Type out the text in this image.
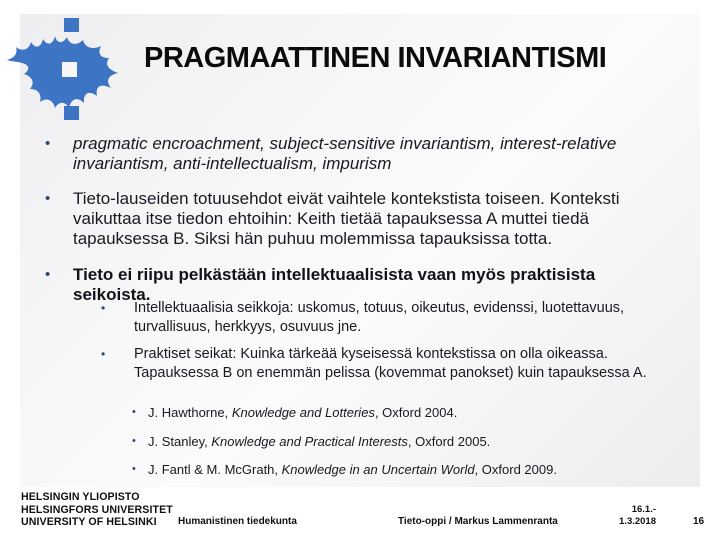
PRAGMAATTINEN INVARIANTISMI
•	pragmatic encroachment, subject-sensitive invariantism, interest-relative invariantism, anti-intellectualism, impurism
•	Tieto-lauseiden totuusehdot eivät vaihtele kontekstista toiseen. Konteksti vaikuttaa itse tiedon ehtoihin: Keith tietää tapauksessa A muttei tiedä tapauksessa B. Siksi hän puhuu molemmissa tapauksissa totta.
•	Tieto ei riipu pelkästään intellektuaalisista vaan myös praktisista seikoista.
•	Intellektuaalisia seikkoja: uskomus, totuus, oikeutus, evidenssi, luotettavuus, turvallisuus, herkkyys, osuvuus jne.
•	Praktiset seikat: Kuinka tärkeää kyseisessä kontekstissa on olla oikeassa. Tapauksessa B on enemmän pelissa (kovemmat panokset) kuin tapauksessa A.
• J. Hawthorne, Knowledge and Lotteries, Oxford 2004.
• J. Stanley, Knowledge and Practical Interests, Oxford 2005.
• J. Fantl & M. McGrath, Knowledge in an Uncertain World, Oxford 2009.
HELSINGIN YLIOPISTO
HELSINGFORS UNIVERSITET
UNIVERSITY OF HELSINKI	Humanistinen tiedekunta	Tieto-oppi / Markus Lammenranta
16.1.-
1.3.2018	16
